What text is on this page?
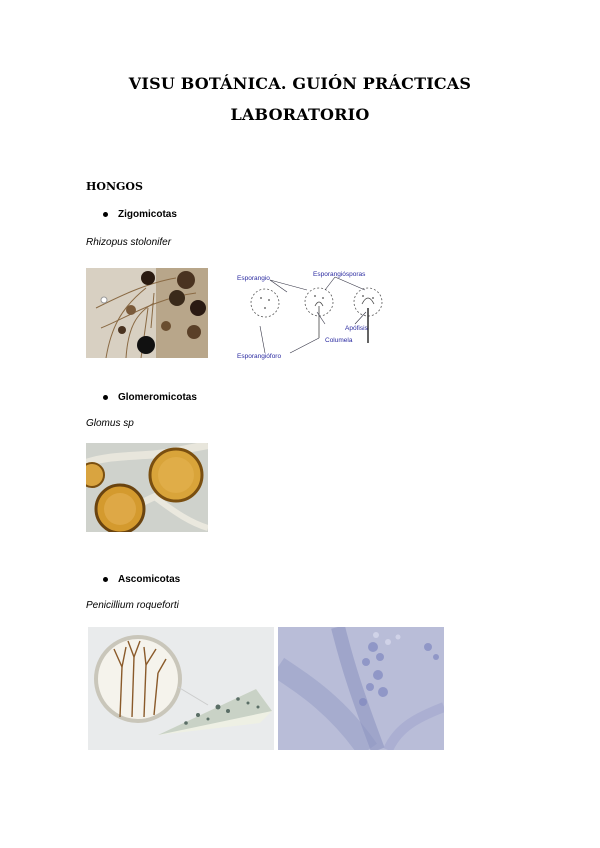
VISU BOTÁNICA. GUIÓN PRÁCTICAS
LABORATORIO
HONGOS
Zigomicotas
Rhizopus stolonifer
Esporangio
Esporangiósporas
Apófisis
Columela
Esporangióforo
Glomeromicotas
Glomus sp
Ascomicotas
Penicillium roqueforti
